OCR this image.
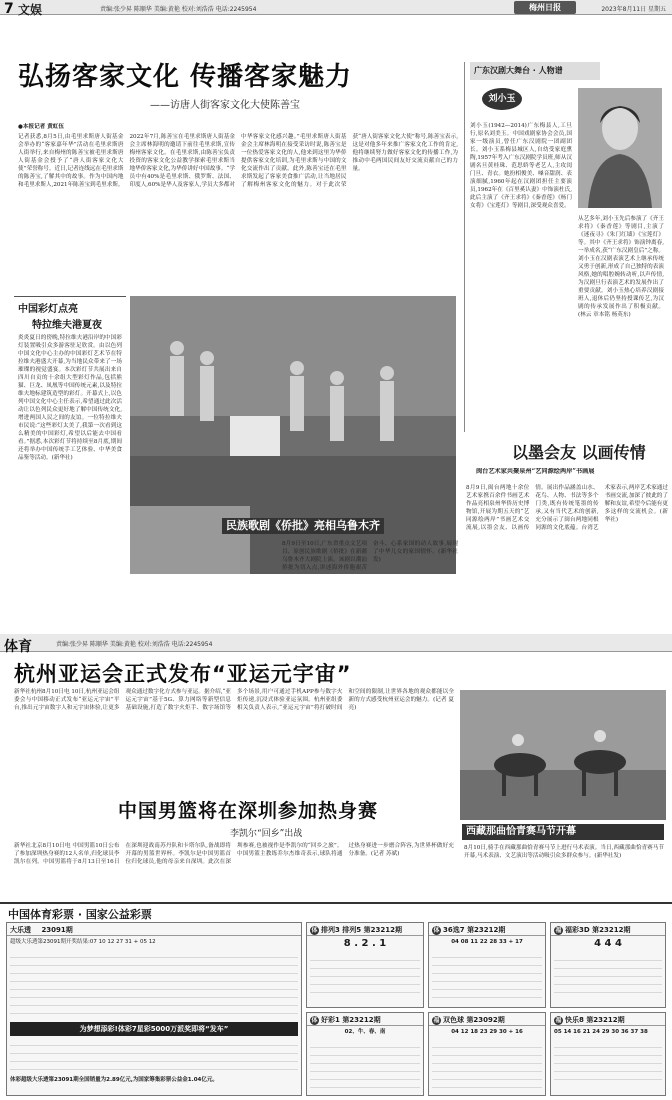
7 文娱	责编:张少昇 陈顺华 美编:黄艳 校对:刘浩浩 电话:2245954	梅州日报	2023年8月11日 星期五
弘扬客家文化 传播客家魅力
——访唐人街客家文化大使陈善宝
●本报记者 黄虹伍
记者获悉,8月5日,由毛里求斯唐人街基金会举办的“客家嘉年华”活动在毛里求斯唐人街举行,来自梅州的陈善宝被毛里求斯唐人街基金会授予了“唐人街客家文化大使”荣誉称号。近日,记者连线远在毛里求斯的陈善宝,了解其中的故事。作为中国内地和毛里求斯人,2021年陈善宝到毛里求斯。2022年7月,陈善宝在毛里求斯唐人街基金会主席林海明的邀请下前往毛里求斯,宣传梅州客家文化。在毛里求斯,由陈善宝负责投资的客家文化公益教学探索毛里求斯当地华侨客家文化,为华侨讲好中国故事。“学员中有40%是毛里求斯、俄罗斯、法国、印度人,60%是华人及客家人,学员大多都对中华客家文化感兴趣。”毛里求斯唐人街基金会主席林海明在接受采访时说,陈善宝是一位热爱客家文化的人,他来到这里为华侨提供客家文化培训,为毛里求斯与中国的文化交流作出了贡献。此外,陈善宝还在毛里求斯发起了客家美食推广活动,让当地居民了解梅州客家文化的魅力。对于此次荣获“唐人街客家文化大使”称号,陈善宝表示,这是对他多年来推广客家文化工作的肯定,他将继续努力做好客家文化的传播工作,为推动中毛两国民间友好交流贡献自己的力量。
广东汉剧大舞台 · 人物谱
刘小玉
刘小玉(1942—2014)广东梅县人,工旦行,原名刘美玉。中国戏剧家协会会员,国家一级演员,曾任广东汉剧院一团副团长。刘小玉系梅县城区人,自幼受家庭熏陶,1957年考入广东汉剧院学员班,师从汉剧名旦黄桂珠、范思娇等老艺人,主攻闺门旦、青衣。她扮相俊美、嗓音甜润、表演细腻,1960年起在汉剧团担任主要演员,1962年在《百里奚认妻》中饰演杜氏,此后主演了《齐王求将》《秦香莲》《杨门女将》《宝莲灯》等剧目,深受观众喜爱。
从艺多年,刘小玉先后参演了《齐王求将》《秦香莲》等剧目,主演了《迷夜寻》《朱门红墙》《宝莲灯》等。其中《齐王求将》饰演钟离春,一举成名,获“广东汉剧皇后”之称。刘小玉在汉剧表演艺术上继承传统又勇于创新,形成了自己独特的表演风格,她的唱腔婉转动听,以声传情,为汉剧旦行表演艺术的发展作出了重要贡献。刘小玉热心培养汉剧接班人,退休后仍坚持授课传艺,为汉剧的传承发展作出了积极贡献。(林云 章本铭 杨英东)
中国彩灯点亮
特拉维夫港夏夜
炎炎夏日的傍晚,特拉维夫港沿岸的中国彩灯装置吸引众多游客驻足欣赏。由以色列中国文化中心主办的中国彩灯艺术节在特拉维夫港盛大开幕,为当地民众带来了一场璀璨的视觉盛宴。本次彩灯节共展出来自四川自贡的十余组大型彩灯作品,包括熊猫、巨龙、凤凰等中国传统元素,以及特拉维夫地标建筑造型的彩灯。开幕式上,以色列中国文化中心主任表示,希望通过此次活动让以色列民众更好地了解中国传统文化,增进两国人民之间的友谊。一位特拉维夫市民说:“这些彩灯太美了,我第一次看到这么精美的中国彩灯,希望以后能去中国看看。”据悉,本次彩灯节将持续至8月底,期间还将举办中国传统手工艺体验、中华美食品鉴等活动。(新华社)
民族歌剧《侨批》亮相乌鲁木齐
8月9日至10日,广东省重点文艺项目、原创民族歌剧《侨批》在新疆乌鲁木齐大剧院上演。该剧以潮汕侨批为切入点,讲述海外侨胞艰苦奋斗、心系家国的动人故事,展现了中华儿女的家国情怀。(新华社发)
以墨会友 以画传情
闽台艺术家共聚泉州“艺同源绘两岸”书画展
8月9日,闽台两地十余位艺术家携百余件书画艺术作品亮相泉州华侨历史博物馆,开展为期五天的“艺同源绘两岸”书画艺术交流展,以墨会友、以画传情。展出作品涵盖山水、花鸟、人物、书法等多个门类,既有传统笔墨的传承,又有当代艺术的创新,充分展示了闽台两地同根同源的文化底蕴。台湾艺术家表示,两岸艺术家通过书画交流,加深了彼此的了解和友谊,希望今后能有更多这样的交流机会。(新华社)
体育	责编:张少昇 陈顺华 美编:黄艳 校对:刘浩浩 电话:2245954
杭州亚运会正式发布“亚运元宇宙”
新华社杭州8月10日电 10日,杭州亚运会组委会与中国移动正式发布“亚运元宇宙”平台,推出元宇宙数字人和元宇宙体验,让更多观众通过数字化方式参与亚运。据介绍,“亚运元宇宙”基于5G、算力网络等新型信息基础设施,打造了数字火炬手、数字场馆等多个场景,用户可通过手机APP参与数字火炬传递,沉浸式体验亚运氛围。杭州亚组委相关负责人表示,“亚运元宇宙”将打破时间和空间的限制,让世界各地的观众都能以全新的方式感受杭州亚运会的魅力。(记者 夏亮)
西藏那曲恰青赛马节开幕
8月10日,骑手在西藏那曲恰青赛马节上进行马术表演。当日,西藏那曲恰青赛马节开幕,马术表演、文艺演出等活动吸引众多群众参与。(新华社发)
中国男篮将在深圳参加热身赛
李凯尔“回乡”出战
新华社北京8月10日电 中国男篮10日公布了参加深圳热身赛的12人名单,归化球员李凯尔在列。中国男篮将于8月13日至16日在深圳迎战南苏丹队和卡塔尔队,备战即将开幕的男篮世界杯。李凯尔是中国男篮首位归化球员,他的母亲来自深圳。此次在深圳参赛,也被视作是李凯尔的“回乡之旅”。中国男篮主教练乔尔杰维奇表示,球队将通过热身赛进一步磨合阵容,为世界杯做好充分准备。(记者 苏斌)
中国体育彩票 · 国家公益彩票
大乐透 23091期
超级大乐透第23091期开奖结果:07 10 12 27 31 + 05 12
为梦想添彩!体彩7星彩5000万派奖即将“发车”
体彩超级大乐透第23091期全国销量为2.89亿元,为国家筹集彩票公益金1.04亿元。
体 排列3 排列5 第23212期
8 . 2 . 1
体 36选7 第23212期
04 08 11 22 28 33 + 17
福 福彩3D 第23212期
4 4 4
体 好彩1 第23212期
02、牛、春、南
福 双色球 第23092期
04 12 18 23 29 30 + 16
福 快乐8 第23212期
05 14 16 21 24 29 30 36 37 38
